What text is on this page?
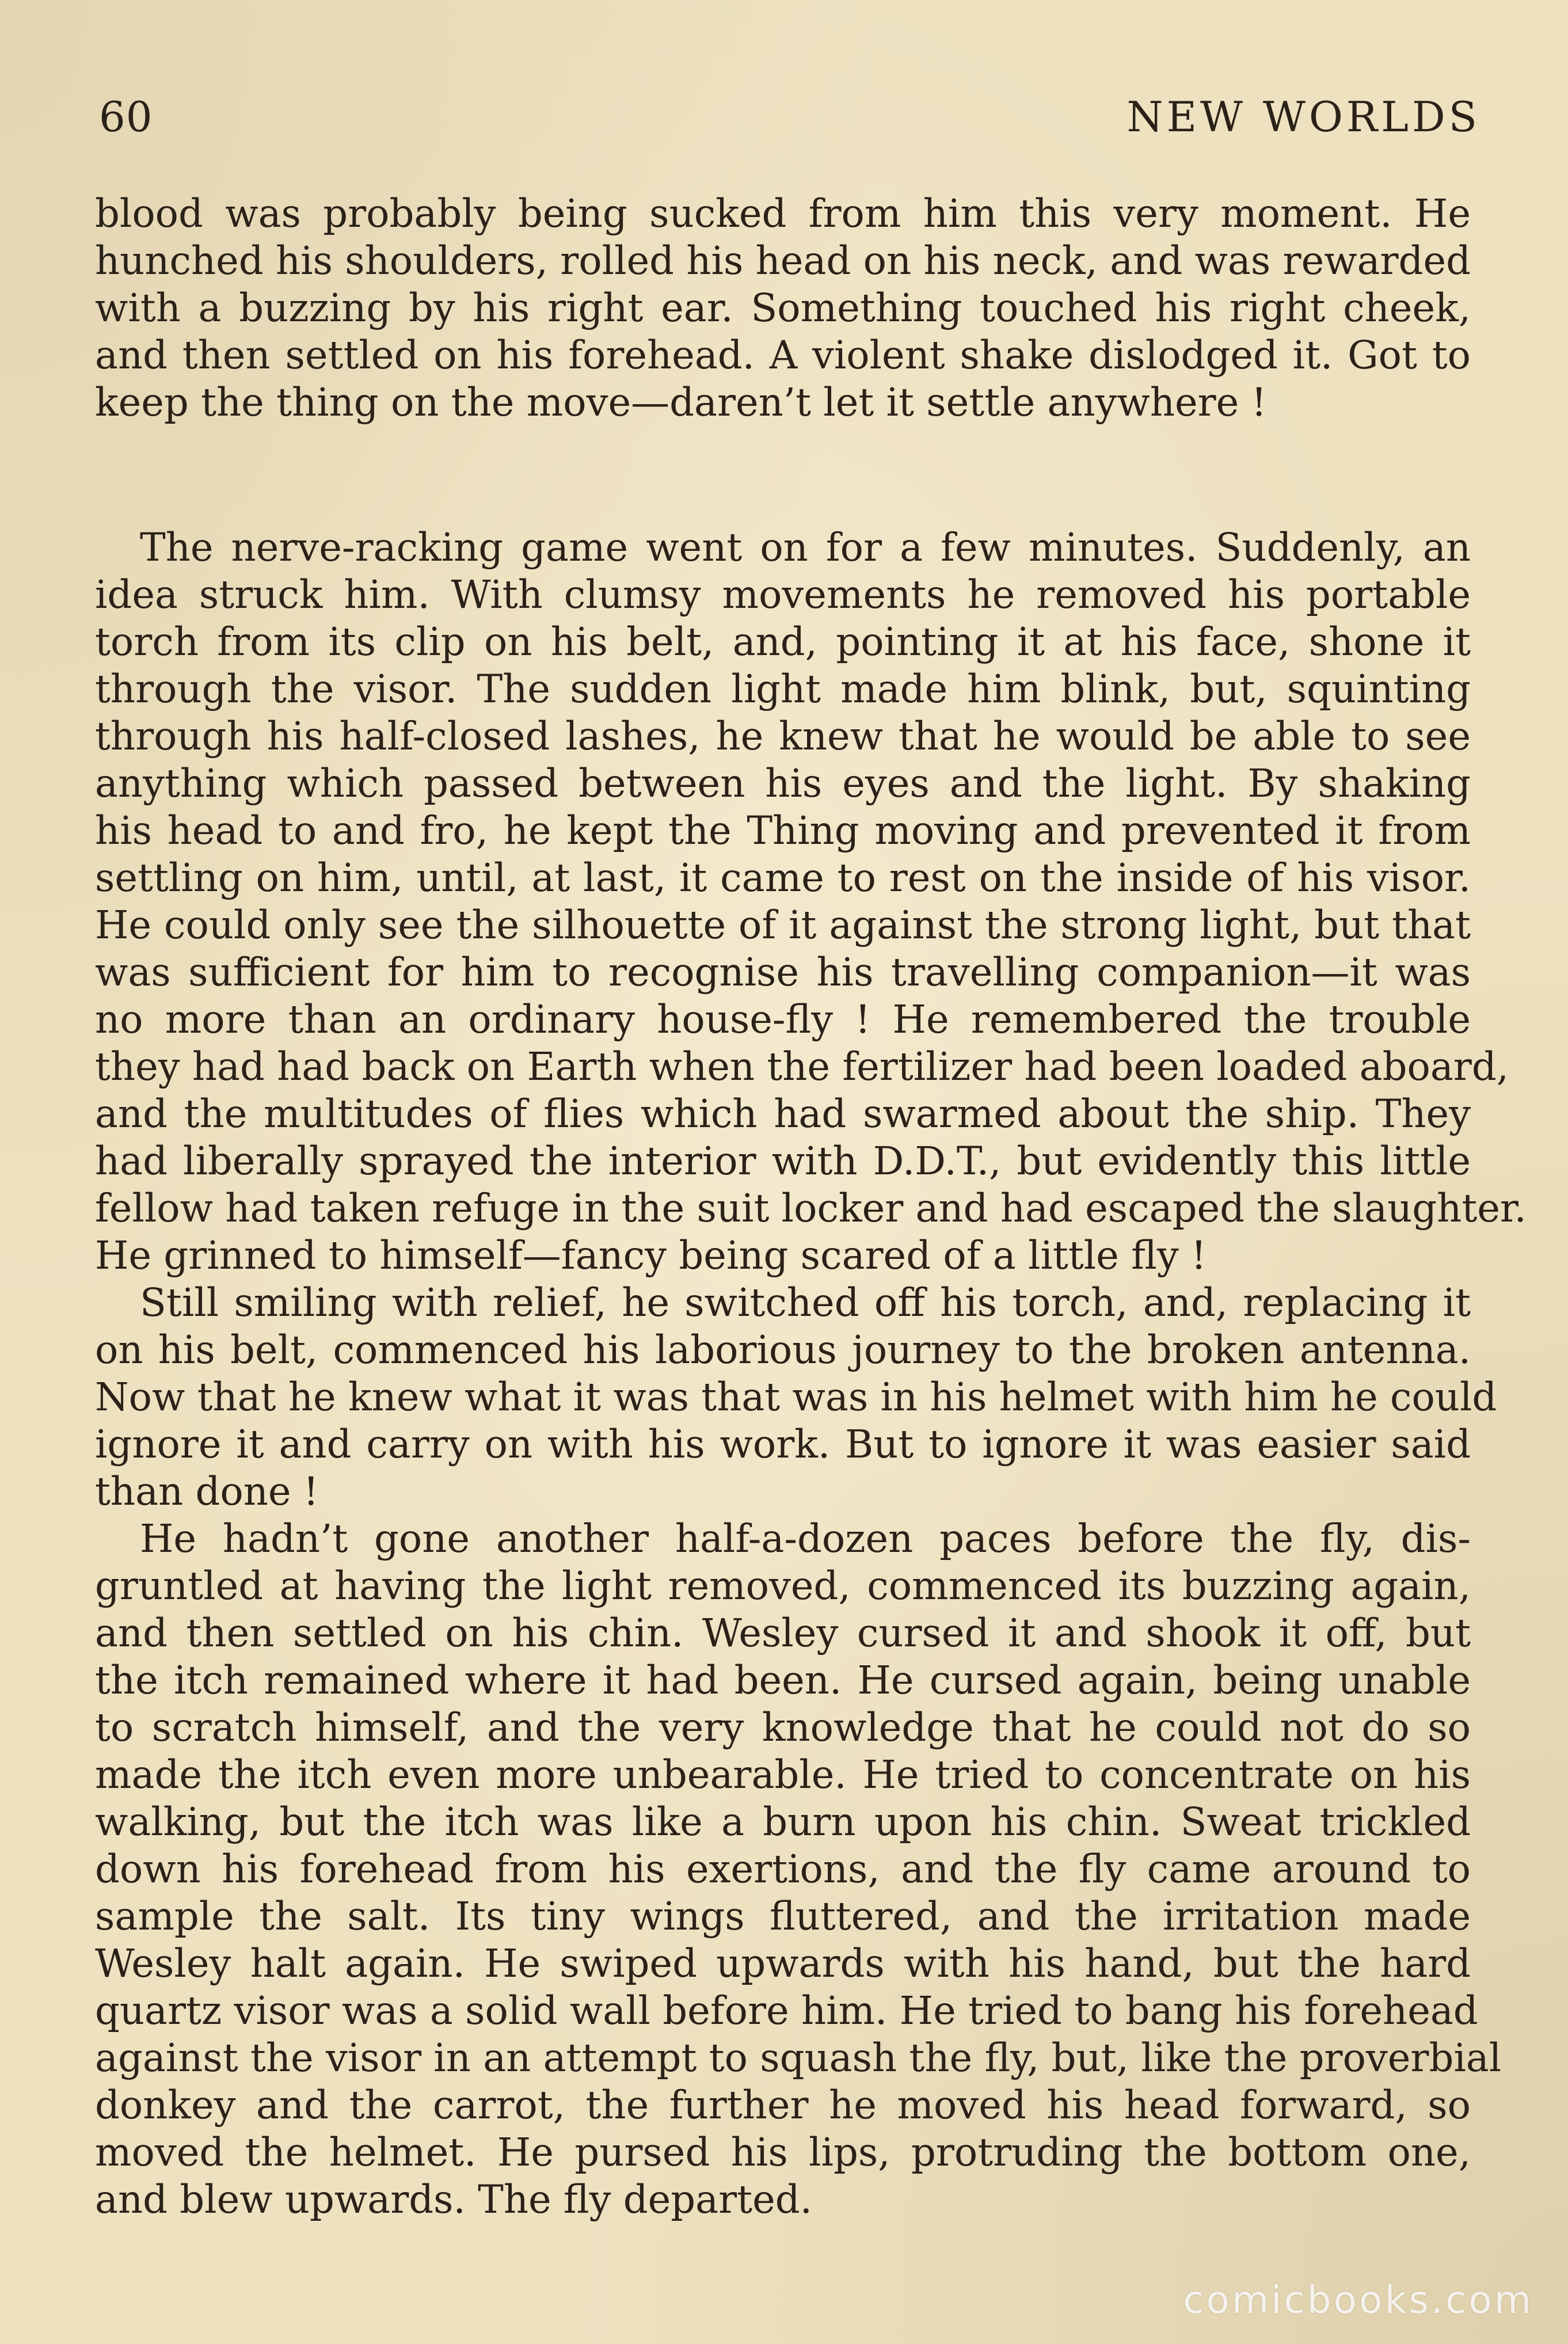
60	NEW WORLDS

blood was probably being sucked from him this very moment. He
hunched his shoulders, rolled his head on his neck, and was rewarded
with a buzzing by his right ear. Something touched his right cheek,
and then settled on his forehead. A violent shake dislodged it. Got to
keep the thing on the move—daren’t let it settle anywhere !

The nerve-racking game went on for a few minutes. Suddenly, an
idea struck him. With clumsy movements he removed his portable
torch from its clip on his belt, and, pointing it at his face, shone it
through the visor. The sudden light made him blink, but, squinting
through his half-closed lashes, he knew that he would be able to see
anything which passed between his eyes and the light. By shaking
his head to and fro, he kept the Thing moving and prevented it from
settling on him, until, at last, it came to rest on the inside of his visor.
He could only see the silhouette of it against the strong light, but that
was sufficient for him to recognise his travelling companion—it was
no more than an ordinary house-fly ! He remembered the trouble
they had had back on Earth when the fertilizer had been loaded aboard,
and the multitudes of flies which had swarmed about the ship. They
had liberally sprayed the interior with D.D.T., but evidently this little
fellow had taken refuge in the suit locker and had escaped the slaughter.
He grinned to himself—fancy being scared of a little fly !

Still smiling with relief, he switched off his torch, and, replacing it
on his belt, commenced his laborious journey to the broken antenna.
Now that he knew what it was that was in his helmet with him he could
ignore it and carry on with his work. But to ignore it was easier said
than done !

He hadn’t gone another half-a-dozen paces before the fly, dis-
gruntled at having the light removed, commenced its buzzing again,
and then settled on his chin. Wesley cursed it and shook it off, but
the itch remained where it had been. He cursed again, being unable
to scratch himself, and the very knowledge that he could not do so
made the itch even more unbearable. He tried to concentrate on his
walking, but the itch was like a burn upon his chin. Sweat trickled
down his forehead from his exertions, and the fly came around to
sample the salt. Its tiny wings fluttered, and the irritation made
Wesley halt again. He swiped upwards with his hand, but the hard
quartz visor was a solid wall before him. He tried to bang his forehead
against the visor in an attempt to squash the fly, but, like the proverbial
donkey and the carrot, the further he moved his head forward, so
moved the helmet. He pursed his lips, protruding the bottom one,
and blew upwards. The fly departed.

comicbooks.com
